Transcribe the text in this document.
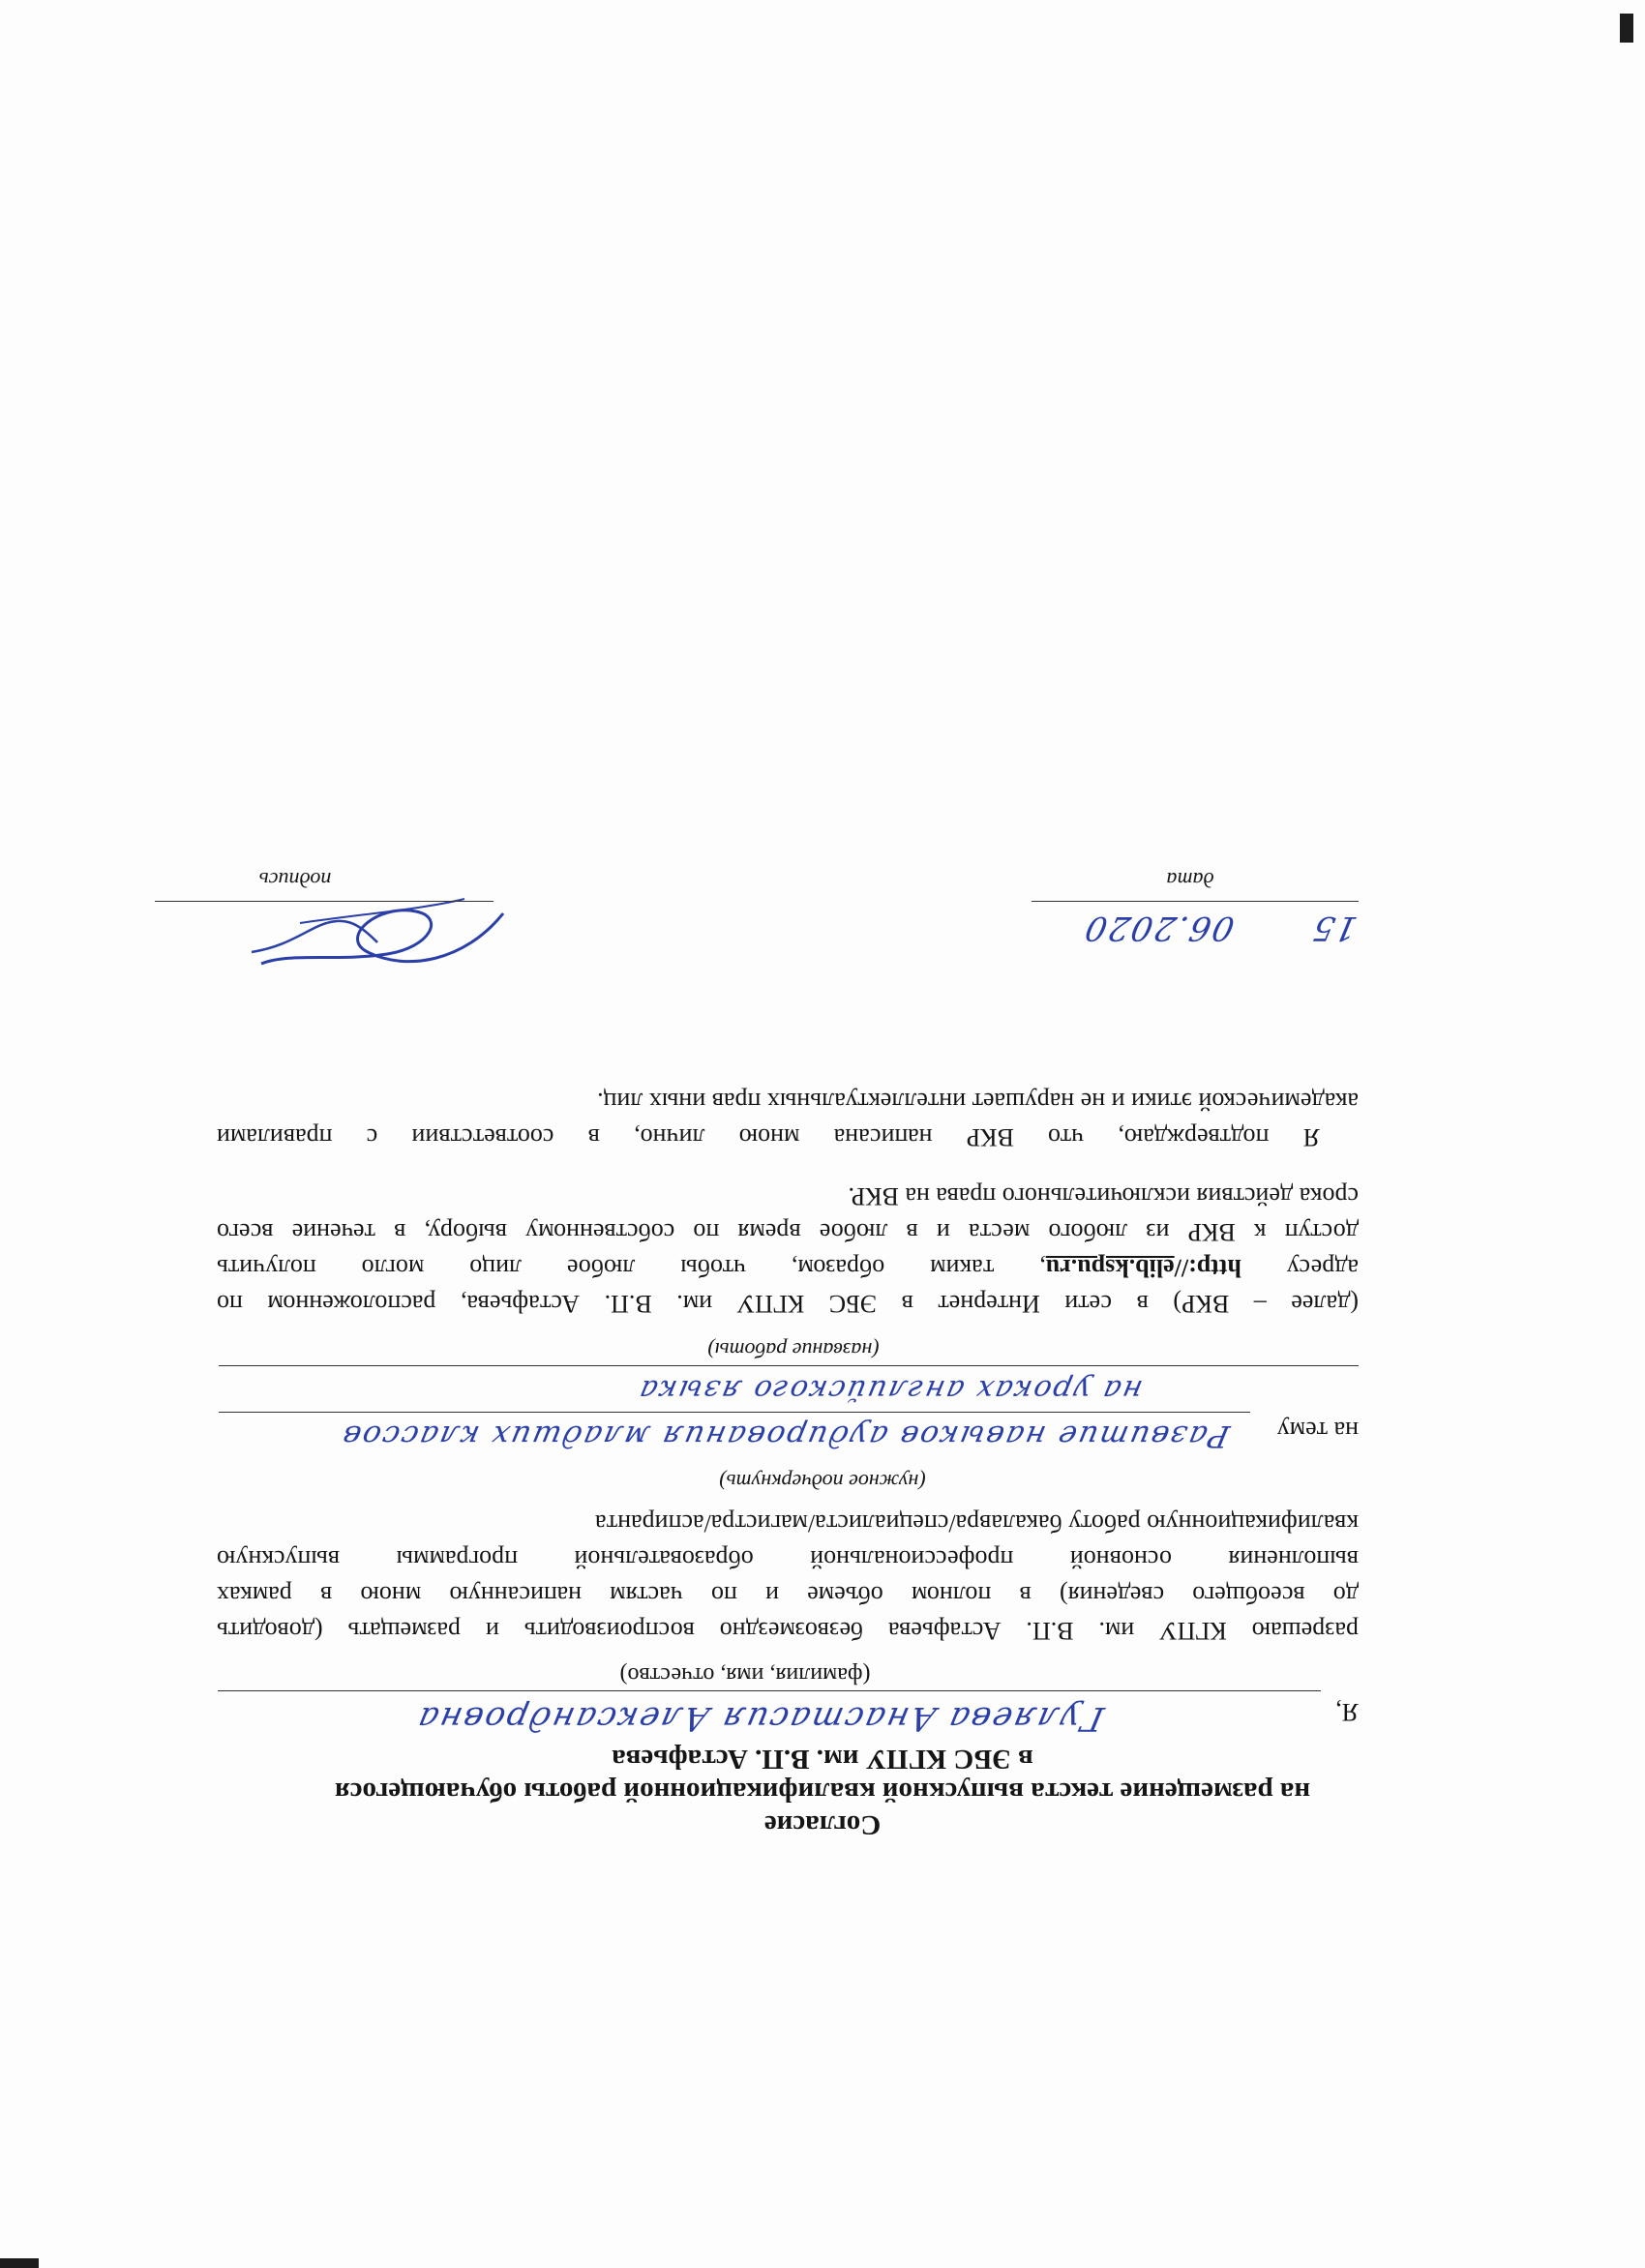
Согласие
на размещение текста выпускной квалификационной работы обучающегося
в ЭБС КГПУ им. В.П. Астафьева
Я,
Гуляева Анастасия Александровна
(фамилия, имя, отчество)
разрешаю КГПУ им. В.П. Астафьева безвозмездно воспроизводить и размещать (доводить
до всеобщего сведения) в полном объеме и по частям написанную мною в рамках
выполнения основной профессиональной образовательной программы выпускную
квалификационную работу бакалавра/специалиста/магистра/аспиранта
(нужное подчеркнуть)
на тему
Развитие навыков аудирования младших классов
на уроках английского языка
(название работы)
(далее – ВКР) в сети Интернет в ЭБС КГПУ им. В.П. Астафьева, расположенном по
адресу http://elib.kspu.ru, таким образом, чтобы любое лицо могло получить
доступ к ВКР из любого места и в любое время по собственному выбору, в течение всего
срока действия исключительного права на ВКР.
Я подтверждаю, что ВКР написана мною лично, в соответствии с правилами
академической этики и не нарушает интеллектуальных прав иных лиц.
15
06.2020
дата
подпись
